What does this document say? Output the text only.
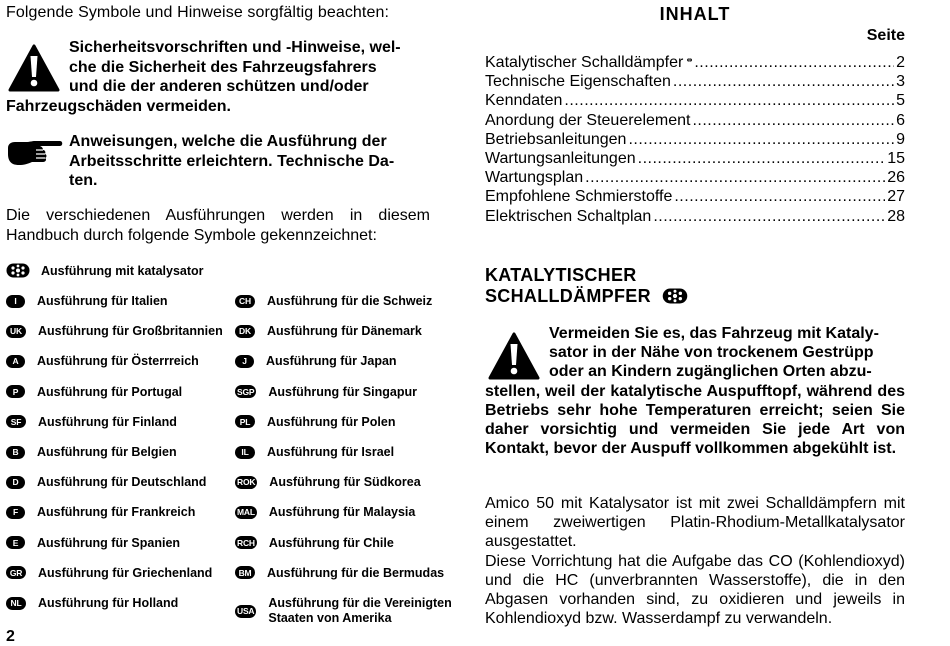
Folgende Symbole und Hinweise sorgfältig beachten:
Sicherheitsvorschriften und -Hinweise, wel-
che die Sicherheit des Fahrzeugsfahrers
und die der anderen schützen und/oder
Fahrzeugschäden vermeiden.
Anweisungen, welche die Ausführung der
Arbeitsschritte erleichtern. Technische Da-
ten.
Die verschiedenen Ausführungen werden in diesem Handbuch durch folgende Symbole gekennzeichnet:
Ausführung mit katalysator
I	Ausführung für Italien
UK	Ausführung für Großbritannien
A	Ausführung für Österrreich
P	Ausführung für Portugal
SF	Ausführung für Finland
B	Ausführung für Belgien
D	Ausführung für Deutschland
F	Ausführung für Frankreich
E	Ausführung für Spanien
GR	Ausführung für Griechenland
NL	Ausführung für Holland
CH	Ausführung für die Schweiz
DK	Ausführung für Dänemark
J	Ausführung für Japan
SGP Ausführung für Singapur
PL	Ausführung für Polen
IL	Ausführung für Israel
ROK Ausführung für Südkorea
MAL Ausführung für Malaysia
RCH Ausführung für Chile
BM Ausführung für die Bermudas
USA
Ausführung für die Vereinigten Staaten von Amerika
2
INHALT
Seite
Katalytischer Schalldämpfer .....	2
Technische Eigenschaften .....	3
Kenndaten .....	5
Anordung der Steuerelement .....	6
Betriebsanleitungen .....	9
Wartungsanleitungen .....	15
Wartungsplan .....	26
Empfohlene Schmierstoffe .....	27
Elektrischen Schaltplan .....	28
KATALYTISCHER
SCHALLDÄMPFER
Vermeiden Sie es, das Fahrzeug mit Kataly-
sator in der Nähe von trockenem Gestrüpp
oder an Kindern zugänglichen Orten abzu-
stellen, weil der katalytische Auspufftopf, während des Betriebs sehr hohe Temperaturen erreicht; seien Sie daher vorsichtig und vermeiden Sie jede Art von Kontakt, bevor der Auspuff vollkommen abgekühlt ist.
Amico 50 mit Katalysator ist mit zwei Schalldämpfern mit einem zweiwertigen Platin-Rhodium-Metallkatalysator ausgestattet.
Diese Vorrichtung hat die Aufgabe das CO (Kohlendioxyd) und die HC (unverbrannten Wasserstoffe), die in den Abgasen vorhanden sind, zu oxidieren und jeweils in Kohlendioxyd bzw. Wasserdampf zu verwandeln.
